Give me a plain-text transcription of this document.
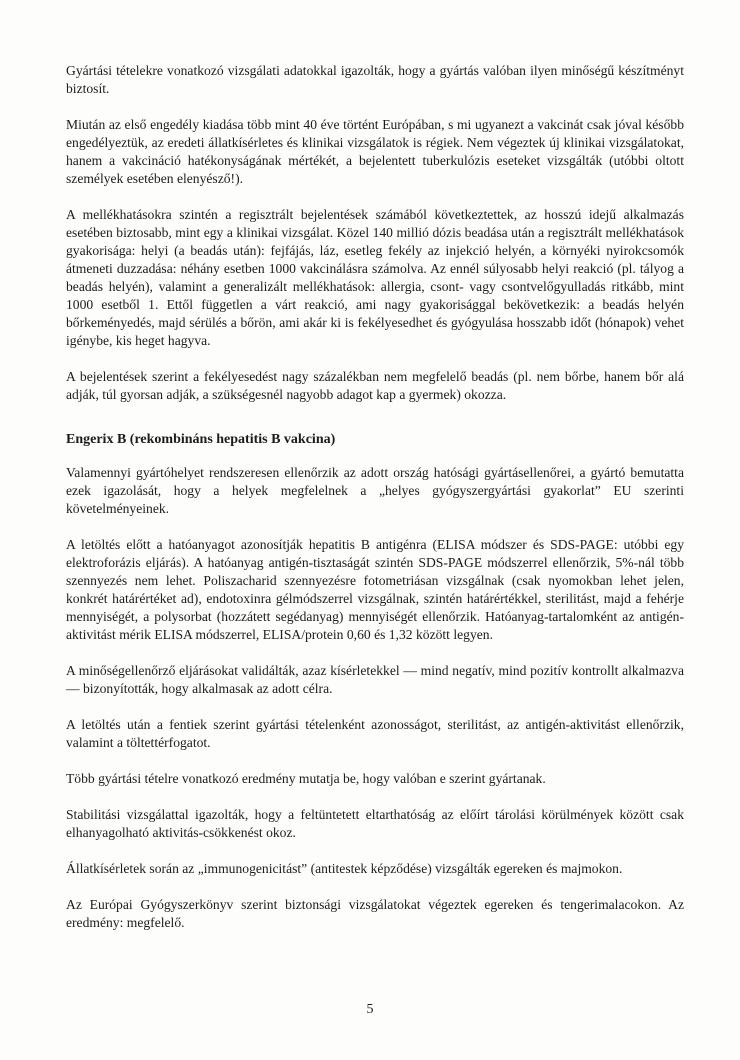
Gyártási tételekre vonatkozó vizsgálati adatokkal igazolták, hogy a gyártás valóban ilyen minőségű készítményt biztosít.

Miután az első engedély kiadása több mint 40 éve történt Európában, s mi ugyanezt a vakcinát csak jóval később engedélyeztük, az eredeti állatkísérletes és klinikai vizsgálatok is régiek. Nem végeztek új klinikai vizsgálatokat, hanem a vakcináció hatékonyságának mértékét, a bejelentett tuberkulózis eseteket vizsgálták (utóbbi oltott személyek esetében elenyésző!).

A mellékhatásokra szintén a regisztrált bejelentések számából következtettek, az hosszú idejű alkalmazás esetében biztosabb, mint egy a klinikai vizsgálat. Közel 140 millió dózis beadása után a regisztrált mellékhatások gyakorisága: helyi (a beadás után): fejfájás, láz, esetleg fekély az injekció helyén, a környéki nyirokcsomók átmeneti duzzadása: néhány esetben 1000 vakcinálásra számolva. Az ennél súlyosabb helyi reakció (pl. tályog a beadás helyén), valamint a generalizált mellékhatások: allergia, csont- vagy csontvelőgyulladás ritkább, mint 1000 esetből 1. Ettől független a várt reakció, ami nagy gyakorisággal bekövetkezik: a beadás helyén bőrkeményedés, majd sérülés a bőrön, ami akár ki is fekélyesedhet és gyógyulása hosszabb időt (hónapok) vehet igénybe, kis heget hagyva.

A bejelentések szerint a fekélyesedést nagy százalékban nem megfelelő beadás (pl. nem bőrbe, hanem bőr alá adják, túl gyorsan adják, a szükségesnél nagyobb adagot kap a gyermek) okozza.

Engerix B (rekombináns hepatitis B vakcina)

Valamennyi gyártóhelyet rendszeresen ellenőrzik az adott ország hatósági gyártásellenőrei, a gyártó bemutatta ezek igazolását, hogy a helyek megfelelnek a „helyes gyógyszergyártási gyakorlat” EU szerinti követelményeinek.

A letöltés előtt a hatóanyagot azonosítják hepatitis B antigénra (ELISA módszer és SDS-PAGE: utóbbi egy elektroforázis eljárás). A hatóanyag antigén-tisztaságát szintén SDS-PAGE módszerrel ellenőrzik, 5%-nál több szennyezés nem lehet. Poliszacharid szennyezésre fotometriásan vizsgálnak (csak nyomokban lehet jelen, konkrét határértéket ad), endotoxinra gélmódszerrel vizsgálnak, szintén határértékkel, sterilitást, majd a fehérje mennyiségét, a polysorbat (hozzátett segédanyag) mennyiségét ellenőrzik. Hatóanyag-tartalomként az antigén-aktivitást mérik ELISA módszerrel, ELISA/protein 0,60 és 1,32 között legyen.

A minőségellenőrző eljárásokat validálták, azaz kísérletekkel — mind negatív, mind pozitív kontrollt alkalmazva — bizonyították, hogy alkalmasak az adott célra.

A letöltés után a fentiek szerint gyártási tételenként azonosságot, sterilitást, az antigén-aktivitást ellenőrzik, valamint a töltettérfogatot.

Több gyártási tételre vonatkozó eredmény mutatja be, hogy valóban e szerint gyártanak.

Stabilitási vizsgálattal igazolták, hogy a feltüntetett eltarthatóság az előírt tárolási körülmények között csak elhanyagolható aktivitás-csökkenést okoz.

Állatkísérletek során az „immunogenicitást” (antitestek képződése) vizsgálták egereken és majmokon.

Az Európai Gyógyszerkönyv szerint biztonsági vizsgálatokat végeztek egereken és tengerimalacokon. Az eredmény: megfelelő.

5
